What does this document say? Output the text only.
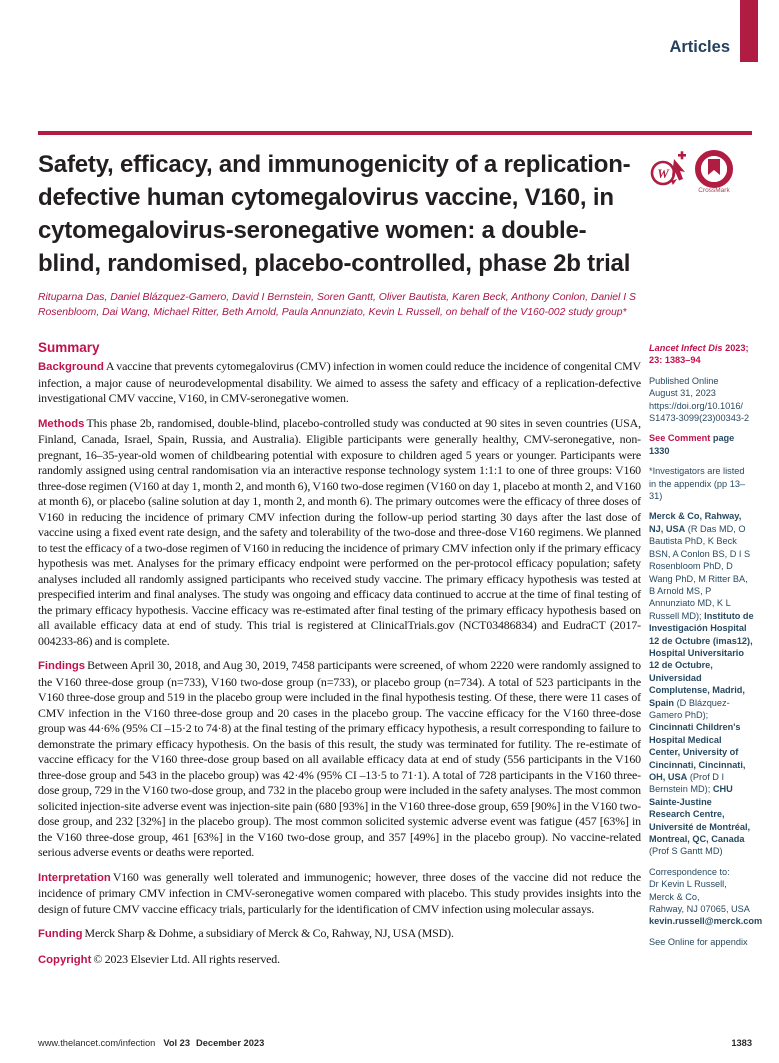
Articles
W
CrossMark
Safety, efficacy, and immunogenicity of a replication-defective human cytomegalovirus vaccine, V160, in cytomegalovirus-seronegative women: a double-blind, randomised, placebo-controlled, phase 2b trial

Rituparna Das, Daniel Blázquez-Gamero, David I Bernstein, Soren Gantt, Oliver Bautista, Karen Beck, Anthony Conlon, Daniel I S Rosenbloom, Dai Wang, Michael Ritter, Beth Arnold, Paula Annunziato, Kevin L Russell, on behalf of the V160-002 study group*

Summary

Background A vaccine that prevents cytomegalovirus (CMV) infection in women could reduce the incidence of congenital CMV infection, a major cause of neurodevelopmental disability. We aimed to assess the safety and efficacy of a replication-defective investigational CMV vaccine, V160, in CMV-seronegative women.

Methods This phase 2b, randomised, double-blind, placebo-controlled study was conducted at 90 sites in seven countries (USA, Finland, Canada, Israel, Spain, Russia, and Australia). Eligible participants were generally healthy, CMV-seronegative, non-pregnant, 16–35-year-old women of childbearing potential with exposure to children aged 5 years or younger. Participants were randomly assigned using central randomisation via an interactive response technology system 1:1:1 to one of three groups: V160 three-dose regimen (V160 at day 1, month 2, and month 6), V160 two-dose regimen (V160 on day 1, placebo at month 2, and V160 at month 6), or placebo (saline solution at day 1, month 2, and month 6). The primary outcomes were the efficacy of three doses of V160 in reducing the incidence of primary CMV infection during the follow-up period starting 30 days after the last dose of vaccine using a fixed event rate design, and the safety and tolerability of the two-dose and three-dose V160 regimens. We planned to test the efficacy of a two-dose regimen of V160 in reducing the incidence of primary CMV infection only if the primary efficacy hypothesis was met. Analyses for the primary efficacy endpoint were performed on the per-protocol efficacy population; safety analyses included all randomly assigned participants who received study vaccine. The primary efficacy hypothesis was tested at prespecified interim and final analyses. The study was ongoing and efficacy data continued to accrue at the time of final testing of the primary efficacy hypothesis. Vaccine efficacy was re-estimated after final testing of the primary efficacy hypothesis based on all available efficacy data at end of study. This trial is registered at ClinicalTrials.gov (NCT03486834) and EudraCT (2017-004233-86) and is complete.

Findings Between April 30, 2018, and Aug 30, 2019, 7458 participants were screened, of whom 2220 were randomly assigned to the V160 three-dose group (n=733), V160 two-dose group (n=733), or placebo group (n=734). A total of 523 participants in the V160 three-dose group and 519 in the placebo group were included in the final hypothesis testing. Of these, there were 11 cases of CMV infection in the V160 three-dose group and 20 cases in the placebo group. The vaccine efficacy for the V160 three-dose group was 44·6% (95% CI –15·2 to 74·8) at the final testing of the primary efficacy hypothesis, a result corresponding to failure to demonstrate the primary efficacy hypothesis. On the basis of this result, the study was terminated for futility. The re-estimate of vaccine efficacy for the V160 three-dose group based on all available efficacy data at end of study (556 participants in the V160 three-dose group and 543 in the placebo group) was 42·4% (95% CI –13·5 to 71·1). A total of 728 participants in the V160 three-dose group, 729 in the V160 two-dose group, and 732 in the placebo group were included in the safety analyses. The most common solicited injection-site adverse event was injection-site pain (680 [93%] in the V160 three-dose group, 659 [90%] in the V160 two-dose group, and 232 [32%] in the placebo group). The most common solicited systemic adverse event was fatigue (457 [63%] in the V160 three-dose group, 461 [63%] in the V160 two-dose group, and 357 [49%] in the placebo group). No vaccine-related serious adverse events or deaths were reported.

Interpretation V160 was generally well tolerated and immunogenic; however, three doses of the vaccine did not reduce the incidence of primary CMV infection in CMV-seronegative women compared with placebo. This study provides insights into the design of future CMV vaccine efficacy trials, particularly for the identification of CMV infection using molecular assays.

Funding Merck Sharp & Dohme, a subsidiary of Merck & Co, Rahway, NJ, USA (MSD).

Copyright © 2023 Elsevier Ltd. All rights reserved.

Lancet Infect Dis 2023;
23: 1383–94
Published Online
August 31, 2023
https://doi.org/10.1016/
S1473-3099(23)00343-2
See Comment page 1330
*Investigators are listed in the appendix (pp 13–31)
Merck & Co, Rahway, NJ, USA (R Das MD, O Bautista PhD, K Beck BSN, A Conlon BS, D I S Rosenbloom PhD, D Wang PhD, M Ritter BA, B Arnold MS, P Annunziato MD, K L Russell MD); Instituto de Investigación Hospital 12 de Octubre (imas12), Hospital Universitario 12 de Octubre, Universidad Complutense, Madrid, Spain (D Blázquez-Gamero PhD); Cincinnati Children's Hospital Medical Center, University of Cincinnati, Cincinnati, OH, USA (Prof D I Bernstein MD); CHU Sainte-Justine Research Centre, Université de Montréal, Montreal, QC, Canada (Prof S Gantt MD)
Correspondence to:
Dr Kevin L Russell, Merck & Co,
Rahway, NJ 07065, USA
kevin.russell@merck.com
See Online for appendix
www.thelancet.com/infection Vol 23 December 2023	1383
